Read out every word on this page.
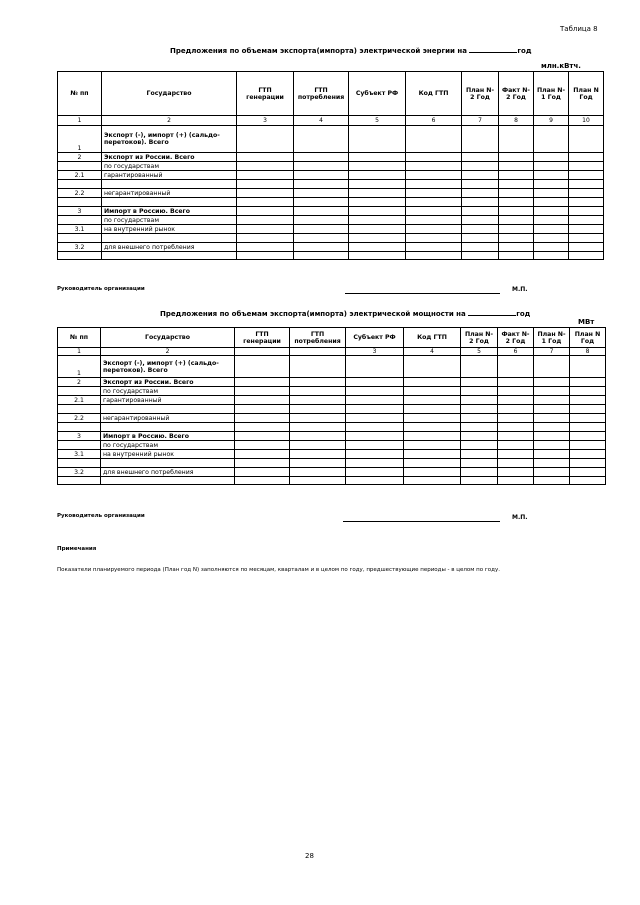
Таблица 8
Предложения по объемам экспорта(импорта) электрической энергии на	год
млн.кВтч.
№ пп	Государство	ГТП генерации	ГТП потребления	Субъект РФ	Код ГТП	План N-2 Год	Факт N-2 Год	План N-1 Год	План N Год
1	2	3	4	5	6	7	8	9	10
1	Экспорт (-), импорт (+) (сальдо-перетоков). Всего								
2	Экспорт из России. Всего								
	по государствам								
2.1	гарантированный								

2.2	негарантированный								

3	Импорт в Россию. Всего								
	по государствам								
3.1	на внутренний рынок								

3.2	для внешнего потребления								

Руководитель организации	М.П.
Предложения по объемам экспорта(импорта) электрической мощности на	год
МВт
№ пп	Государство	ГТП генерации	ГТП потребления	Субъект РФ	Код ГТП	План N-2 Год	Факт N-2 Год	План N-1 Год	План N Год
1	2			3	4	5	6	7	8
1	Экспорт (-), импорт (+) (сальдо-перетоков). Всего								
2	Экспорт из России. Всего								
	по государствам								
2.1	гарантированный								

2.2	негарантированный								

3	Импорт в Россию. Всего								
	по государствам								
3.1	на внутренний рынок								

3.2	для внешнего потребления								

Руководитель организации	М.П.
Примечания
Показатели планируемого периода (План год N) заполняются по месяцам, кварталам и в целом по году, предшествующие периоды - в целом по году.
28
